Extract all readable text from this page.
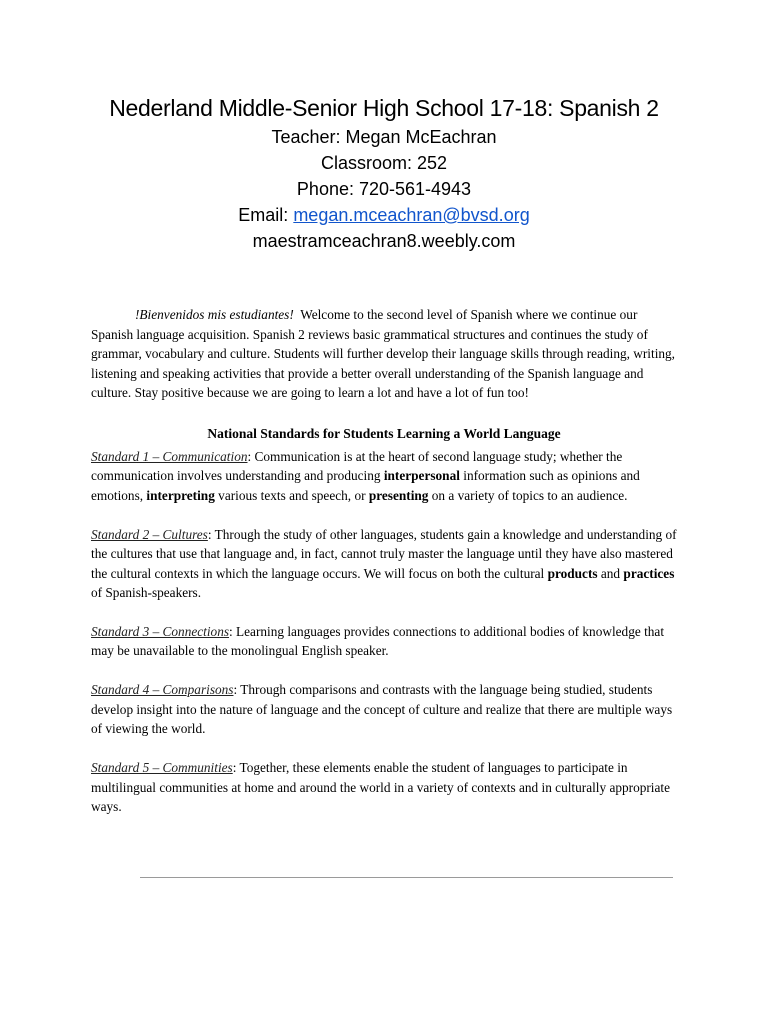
Nederland Middle-Senior High School 17-18: Spanish 2
Teacher: Megan McEachran
Classroom: 252
Phone: 720-561-4943
Email: megan.mceachran@bvsd.org
maestramceachran8.weebly.com

!Bienvenidos mis estudiantes! Welcome to the second level of Spanish where we continue our Spanish language acquisition. Spanish 2 reviews basic grammatical structures and continues the study of grammar, vocabulary and culture. Students will further develop their language skills through reading, writing, listening and speaking activities that provide a better overall understanding of the Spanish language and culture. Stay positive because we are going to learn a lot and have a lot of fun too!

National Standards for Students Learning a World Language

Standard 1 – Communication: Communication is at the heart of second language study; whether the communication involves understanding and producing interpersonal information such as opinions and emotions, interpreting various texts and speech, or presenting on a variety of topics to an audience.

Standard 2 – Cultures: Through the study of other languages, students gain a knowledge and understanding of the cultures that use that language and, in fact, cannot truly master the language until they have also mastered the cultural contexts in which the language occurs. We will focus on both the cultural products and practices of Spanish-speakers.

Standard 3 – Connections: Learning languages provides connections to additional bodies of knowledge that may be unavailable to the monolingual English speaker.

Standard 4 – Comparisons: Through comparisons and contrasts with the language being studied, students develop insight into the nature of language and the concept of culture and realize that there are multiple ways of viewing the world.

Standard 5 – Communities: Together, these elements enable the student of languages to participate in multilingual communities at home and around the world in a variety of contexts and in culturally appropriate ways.
